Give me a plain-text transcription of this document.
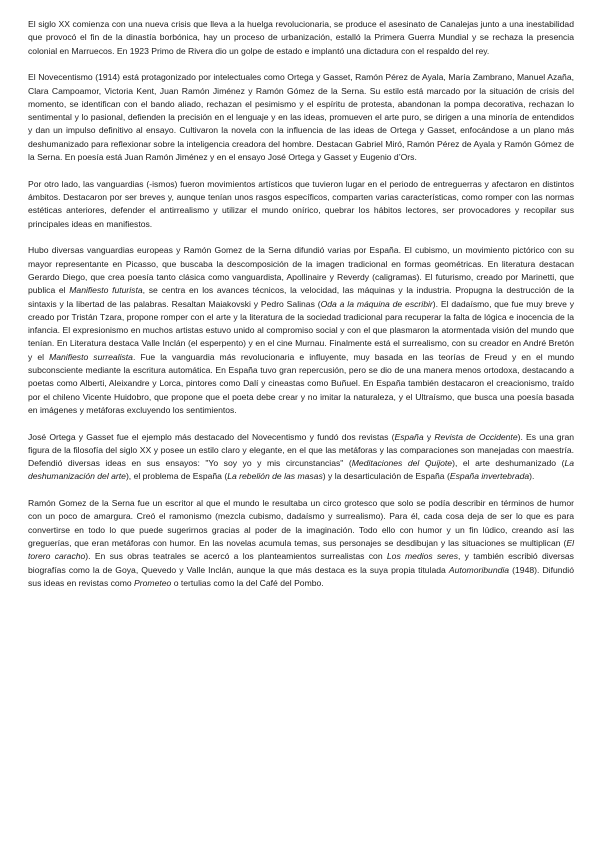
El siglo XX comienza con una nueva crisis que lleva a la huelga revolucionaria, se produce el asesinato de Canalejas junto a una inestabilidad que provocó el fin de la dinastía borbónica, hay un proceso de urbanización, estalló la Primera Guerra Mundial y se rechaza la presencia colonial en Marruecos. En 1923 Primo de Rivera dio un golpe de estado e implantó una dictadura con el respaldo del rey.

El Novecentismo (1914) está protagonizado por intelectuales como Ortega y Gasset, Ramón Pérez de Ayala, María Zambrano, Manuel Azaña, Clara Campoamor, Victoria Kent, Juan Ramón Jiménez y Ramón Gómez de la Serna. Su estilo está marcado por la situación de crisis del momento, se identifican con el bando aliado, rechazan el pesimismo y el espíritu de protesta, abandonan la pompa decorativa, rechazan lo sentimental y lo pasional, defienden la precisión en el lenguaje y en las ideas, promueven el arte puro, se dirigen a una minoría de entendidos y dan un impulso definitivo al ensayo. Cultivaron la novela con la influencia de las ideas de Ortega y Gasset, enfocándose a un plano más deshumanizado para reflexionar sobre la inteligencia creadora del hombre. Destacan Gabriel Miró, Ramón Pérez de Ayala y Ramón Gómez de la Serna. En poesía está Juan Ramón Jiménez y en el ensayo José Ortega y Gasset y Eugenio d’Ors.

Por otro lado, las vanguardias (-ismos) fueron movimientos artísticos que tuvieron lugar en el periodo de entreguerras y afectaron en distintos ámbitos. Destacaron por ser breves y, aunque tenían unos rasgos específicos, comparten varias características, como romper con las normas estéticas anteriores, defender el antirrealismo y utilizar el mundo onírico, quebrar los hábitos lectores, ser provocadores y recopilar sus principales ideas en manifiestos.

Hubo diversas vanguardias europeas y Ramón Gomez de la Serna difundió varias por España. El cubismo, un movimiento pictórico con su mayor representante en Picasso, que buscaba la descomposición de la imagen tradicional en formas geométricas. En literatura destacan Gerardo Diego, que crea poesía tanto clásica como vanguardista, Apollinaire y Reverdy (caligramas). El futurismo, creado por Marinetti, que publica el Manifiesto futurista, se centra en los avances técnicos, la velocidad, las máquinas y la industria. Propugna la destrucción de la sintaxis y la libertad de las palabras. Resaltan Maiakovski y Pedro Salinas (Oda a la máquina de escribir). El dadaísmo, que fue muy breve y creado por Tristán Tzara, propone romper con el arte y la literatura de la sociedad tradicional para recuperar la falta de lógica e inocencia de la infancia. El expresionismo en muchos artistas estuvo unido al compromiso social y con el que plasmaron la atormentada visión del mundo que tenían. En Literatura destaca Valle Inclán (el esperpento) y en el cine Murnau. Finalmente está el surrealismo, con su creador en André Bretón y el Manifiesto surrealista. Fue la vanguardia más revolucionaria e influyente, muy basada en las teorías de Freud y en el mundo subconsciente mediante la escritura automática. En España tuvo gran repercusión, pero se dio de una manera menos ortodoxa, destacando a poetas como Alberti, Aleixandre y Lorca, pintores como Dalí y cineastas como Buñuel. En España también destacaron el creacionismo, traído por el chileno Vicente Huidobro, que propone que el poeta debe crear y no imitar la naturaleza, y el Ultraísmo, que busca una poesía basada en imágenes y metáforas excluyendo los sentimientos.

José Ortega y Gasset fue el ejemplo más destacado del Novecentismo y fundó dos revistas (España y Revista de Occidente). Es una gran figura de la filosofía del siglo XX y posee un estilo claro y elegante, en el que las metáforas y las comparaciones son manejadas con maestría. Defendió diversas ideas en sus ensayos: "Yo soy yo y mis circunstancias" (Meditaciones del Quijote), el arte deshumanizado (La deshumanización del arte), el problema de España (La rebelión de las masas) y la desarticulación de España (España invertebrada).

Ramón Gomez de la Serna fue un escritor al que el mundo le resultaba un circo grotesco que solo se podía describir en términos de humor con un poco de amargura. Creó el ramonismo (mezcla cubismo, dadaísmo y surrealismo). Para él, cada cosa deja de ser lo que es para convertirse en todo lo que puede sugerirnos gracias al poder de la imaginación. Todo ello con humor y un fin lúdico, creando así las greguerías, que eran metáforas con humor. En las novelas acumula temas, sus personajes se desdibujan y las situaciones se multiplican (El torero caracho). En sus obras teatrales se acercó a los planteamientos surrealistas con Los medios seres, y también escribió diversas biografías como la de Goya, Quevedo y Valle Inclán, aunque la que más destaca es la suya propia titulada Automoribundia (1948). Difundió sus ideas en revistas como Prometeo o tertulias como la del Café del Pombo.
